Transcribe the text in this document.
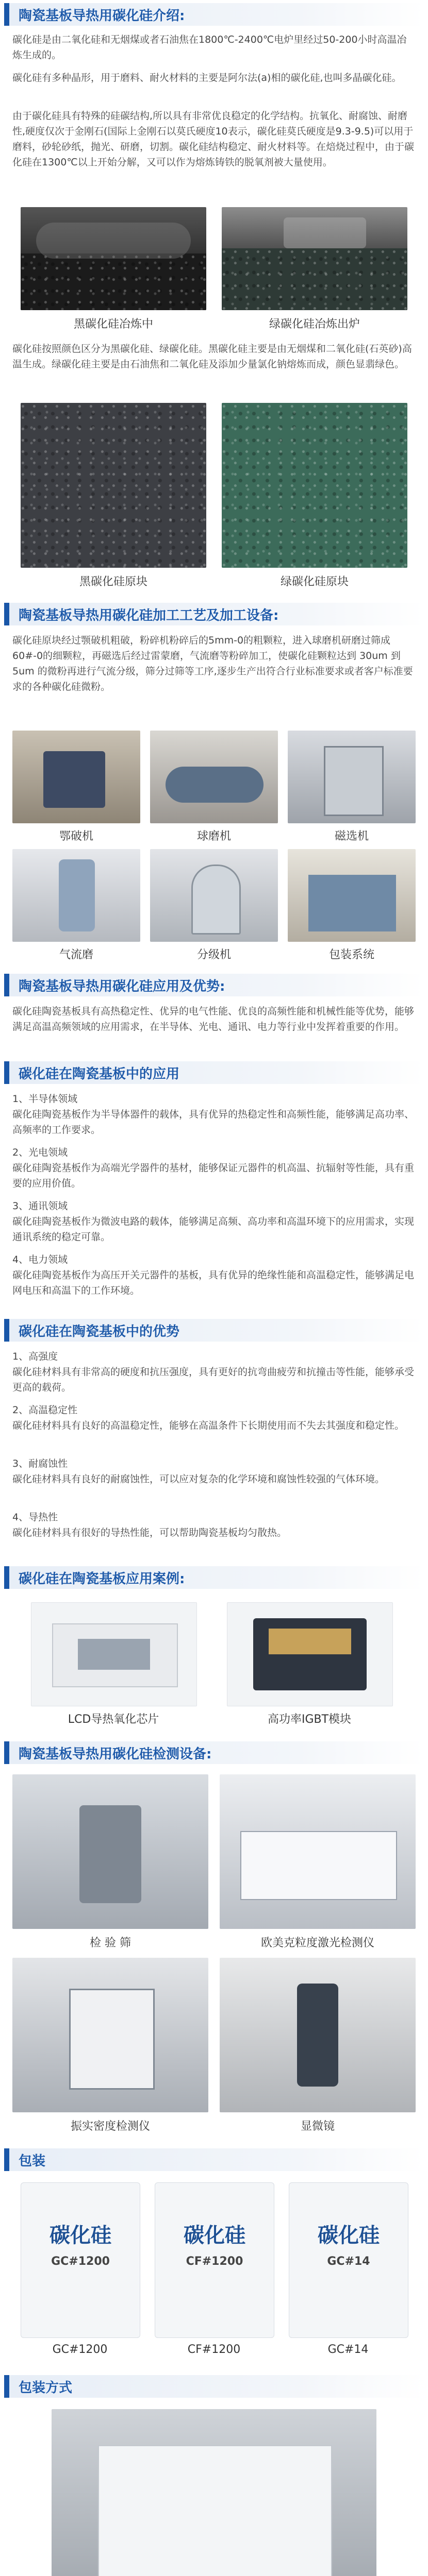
陶瓷基板导热用碳化硅介绍:
碳化硅是由二氧化硅和无烟煤或者石油焦在1800℃-2400℃电炉里经过50-200小时高温冶炼生成的。
碳化硅有多种晶形，用于磨料、耐火材料的主要是阿尔法(a)相的碳化硅,也叫多晶碳化硅。
由于碳化硅具有特殊的硅碳结构,所以具有非常优良稳定的化学结构。抗氧化、耐腐蚀、耐磨性,硬度仅次于金刚石(国际上金刚石以莫氏硬度10表示，碳化硅莫氏硬度是9.3-9.5)可以用于磨料，砂轮砂纸，抛光、研磨，切割。碳化硅结构稳定、耐火材料等。在焙烧过程中，由于碳化硅在1300℃以上开始分解，又可以作为熔炼铸铁的脱氧剂被大量使用。
黑碳化硅冶炼中	绿碳化硅冶炼出炉
碳化硅按照颜色区分为黑碳化硅、绿碳化硅。黑碳化硅主要是由无烟煤和二氧化硅(石英砂)高温生成。绿碳化硅主要是由石油焦和二氧化硅及添加少量氯化钠熔炼而成，颜色显翡绿色。
黑碳化硅原块	绿碳化硅原块
陶瓷基板导热用碳化硅加工工艺及加工设备:
碳化硅原块经过颚破机粗破，粉碎机粉碎后的5mm-0的粗颗粒，进入球磨机研磨过筛成 60#-0的细颗粒，再磁选后经过雷蒙磨，气流磨等粉碎加工，使碳化硅颗粒达到 30um 到 5um 的微粉再进行气流分级，筛分过筛等工序,逐步生产出符合行业标准要求或者客户标准要求的各种碳化硅微粉。
鄂破机	球磨机	磁选机
气流磨	分级机	包装系统
陶瓷基板导热用碳化硅应用及优势:
碳化硅陶瓷基板具有高热稳定性、优异的电气性能、优良的高频性能和机械性能等优势，能够满足高温高频领域的应用需求，在半导体、光电、通讯、电力等行业中发挥着重要的作用。
碳化硅在陶瓷基板中的应用
1、半导体领域
碳化硅陶瓷基板作为半导体器件的载体，具有优异的热稳定性和高频性能，能够满足高功率、高频率的工作要求。
2、光电领域
碳化硅陶瓷基板作为高端光学器件的基材，能够保证元器件的机高温、抗辐射等性能，具有重要的应用价值。
3、通讯领域
碳化硅陶瓷基板作为微波电路的载体，能够满足高频、高功率和高温环境下的应用需求，实现通讯系统的稳定可靠。
4、电力领域
碳化硅陶瓷基板作为高压开关元器件的基板，具有优异的绝缘性能和高温稳定性，能够满足电网电压和高温下的工作环境。
碳化硅在陶瓷基板中的优势
1、高强度
碳化硅材料具有非常高的硬度和抗压强度，具有更好的抗弯曲疲劳和抗撞击等性能，能够承受更高的载荷。
2、高温稳定性
碳化硅材料具有良好的高温稳定性，能够在高温条件下长期使用而不失去其强度和稳定性。
3、耐腐蚀性
碳化硅材料具有良好的耐腐蚀性，可以应对复杂的化学环境和腐蚀性较强的气体环境。
4、导热性
碳化硅材料具有很好的导热性能，可以帮助陶瓷基板均匀散热。
碳化硅在陶瓷基板应用案例:
LCD导热氧化芯片	高功率IGBT模块
陶瓷基板导热用碳化硅检测设备:
检 验 筛	欧美克粒度激光检测仪
振实密度检测仪	显微镜
包装
碳化硅
GC#1200
碳化硅
CF#1200
碳化硅
GC#14
GC#1200	CF#1200	GC#14
包装方式
